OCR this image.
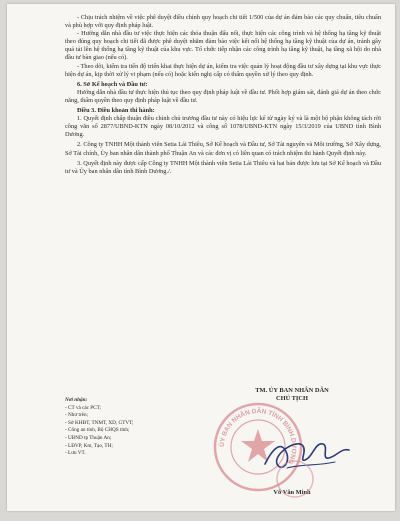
- Chịu trách nhiệm về việc phê duyệt điều chỉnh quy hoạch chi tiết 1/500 của dự án đảm bảo các quy chuẩn, tiêu chuẩn và phù hợp với quy định pháp luật.

- Hướng dẫn nhà đầu tư việc thực hiện các thỏa thuận đấu nối, thực hiện các công trình và hệ thống hạ tầng kỹ thuật theo đúng quy hoạch chi tiết đã được phê duyệt nhằm đảm bảo việc kết nối hệ thống hạ tầng kỹ thuật của dự án, tránh gây quá tải lên hệ thống hạ tầng kỹ thuật của khu vực. Tổ chức tiếp nhận các công trình hạ tầng kỹ thuật, hạ tầng xã hội do nhà đầu tư bàn giao (nếu có).

- Theo dõi, kiểm tra tiến độ triển khai thực hiện dự án, kiểm tra việc quản lý hoạt động đầu tư xây dựng tại khu vực thực hiện dự án, kịp thời xử lý vi phạm (nếu có) hoặc kiến nghị cấp có thẩm quyền xử lý theo quy định.

6. Sở Kế hoạch và Đầu tư:

Hướng dẫn nhà đầu tư thực hiện thủ tục theo quy định pháp luật về đầu tư. Phối hợp giám sát, đánh giá dự án theo chức năng, thẩm quyền theo quy định pháp luật về đầu tư.

Điều 3. Điều khoản thi hành:

1. Quyết định chấp thuận điều chỉnh chủ trương đầu tư này có hiệu lực kể từ ngày ký và là một bộ phận không tách rời công văn số 2877/UBND-KTN ngày 08/10/2012 và công số 1078/UBND-KTN ngày 15/3/2019 của UBND tỉnh Bình Dương.

2. Công ty TNHH Một thành viên Setia Lái Thiêu, Sở Kế hoạch và Đầu tư, Sở Tài nguyên và Môi trường, Sở Xây dựng, Sở Tài chính, Ủy ban nhân dân thành phố Thuận An và các đơn vị có liên quan có trách nhiệm thi hành Quyết định này.

3. Quyết định này được cấp Công ty TNHH Một thành viên Setia Lái Thiêu và hai bản được lưu tại Sở Kế hoạch và Đầu tư và Ủy ban nhân dân tỉnh Bình Dương./.

Nơi nhận:
- CT và các PCT;
- Như trên;
- Sở KHĐT, TNMT, XD, GTVT;
- Công an tỉnh, Bộ CHQS tỉnh;
- UBND tp Thuận An;
- LĐVP, Km, Tạo, TH;
- Lưu VT.
ỦY BAN NHÂN DÂN TỈNH BÌNH DƯƠNG
TM. ỦY BAN NHÂN DÂN
CHỦ TỊCH
Võ Văn Minh
